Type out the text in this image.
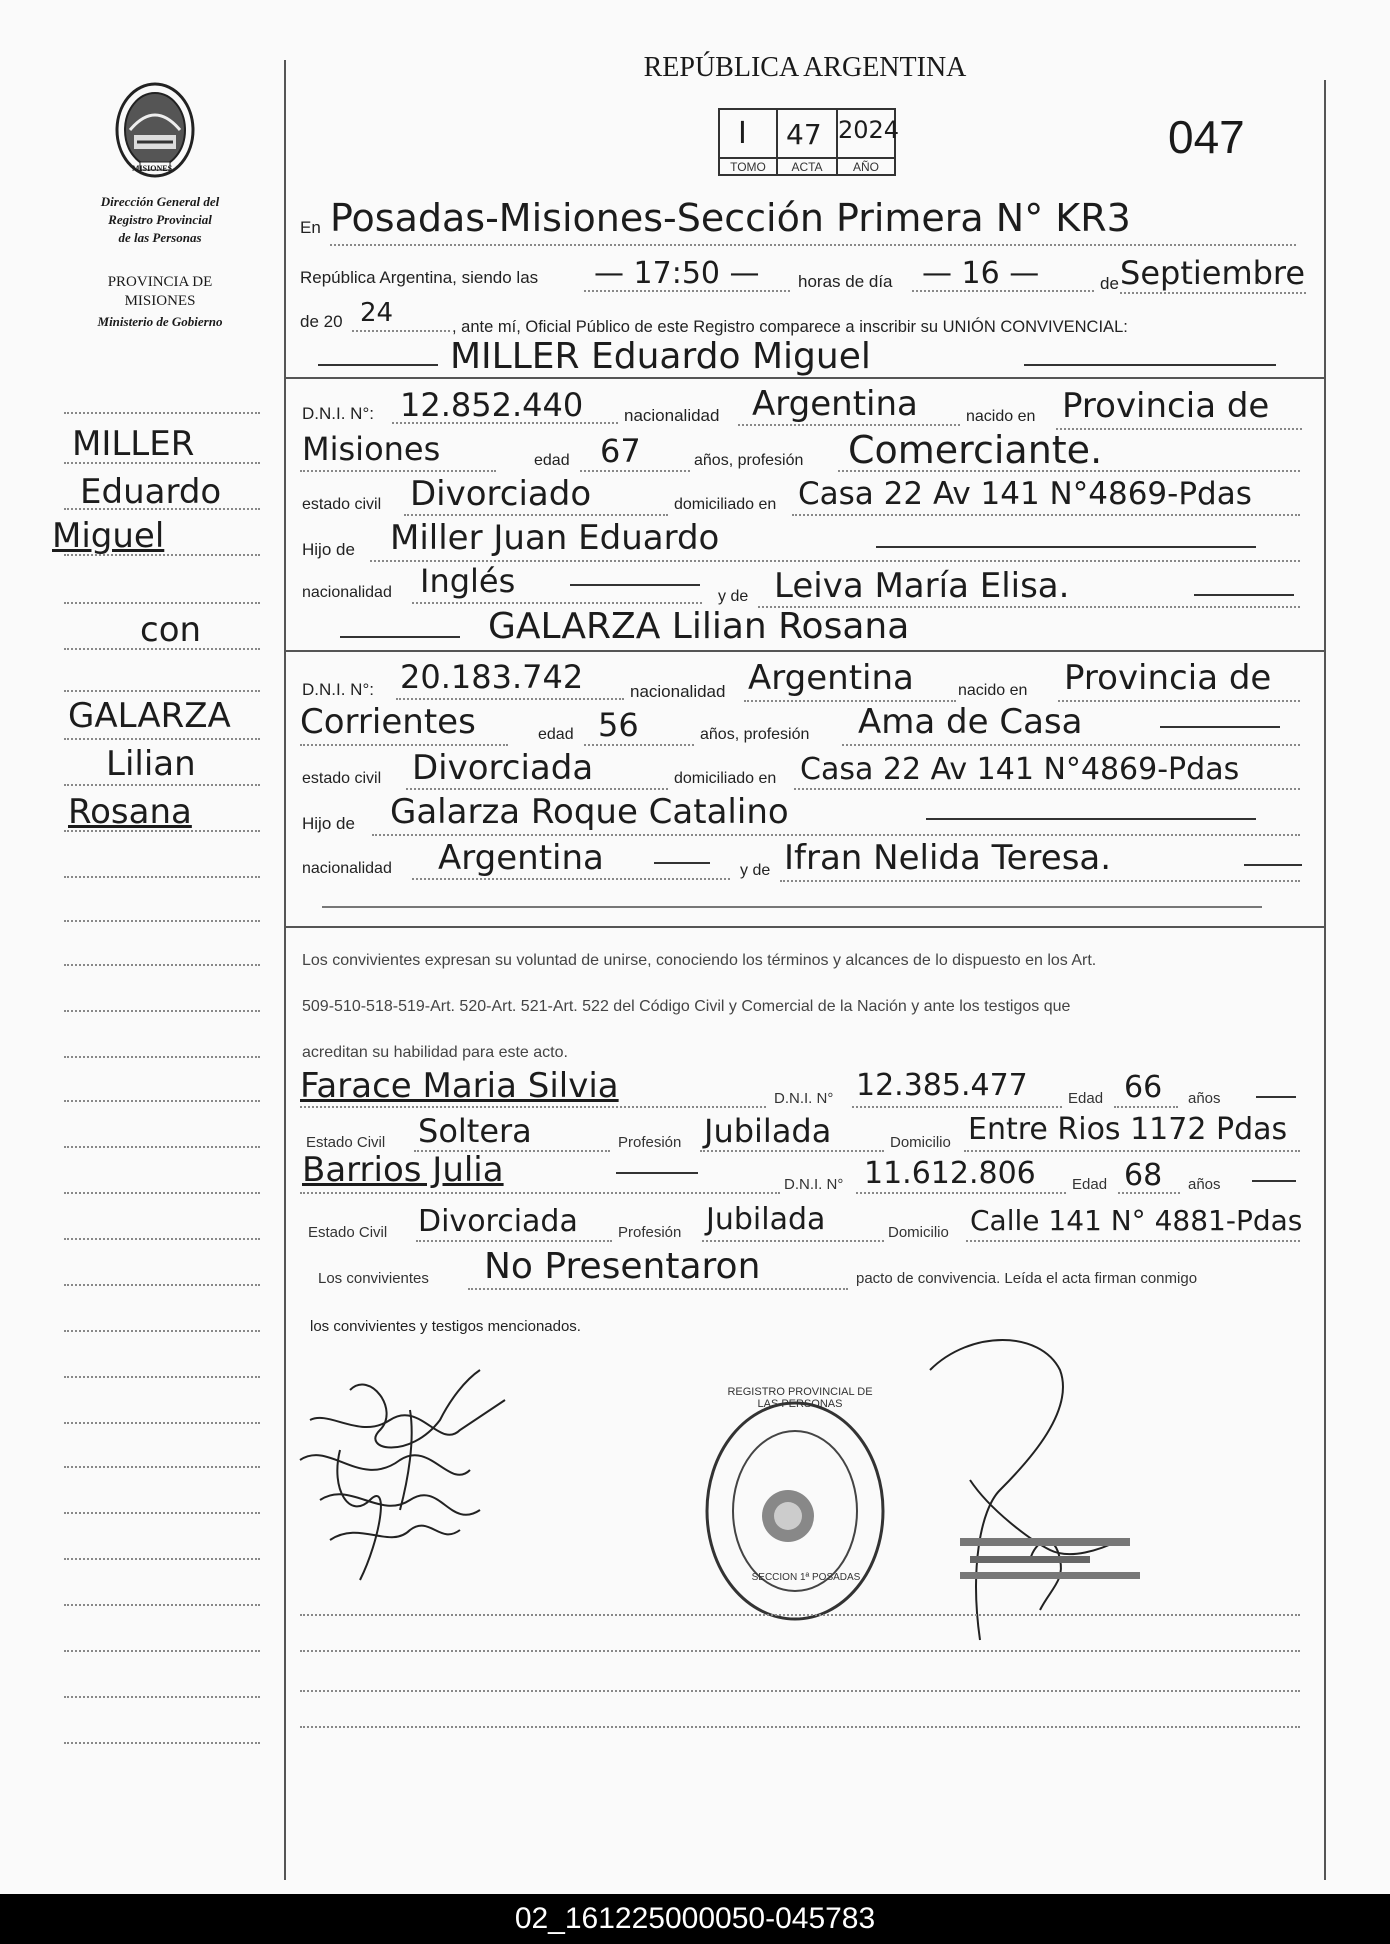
MISIONES
Dirección General del
Registro Provincial
de las Personas
PROVINCIA DE
MISIONES
Ministerio de Gobierno
REPÚBLICA ARGENTINA
047
I 47 2024
TOMO	ACTA	AÑO
En Posadas-Misiones-Sección Primera N° KR3
República Argentina, siendo las — 17:50 — horas de día — 16 —	de Septiembre
de 20 24	, ante mí, Oficial Público de este Registro comparece a inscribir su UNIÓN CONVIVENCIAL:
MILLER Eduardo Miguel
D.N.I. N°: 12.852.440 nacionalidad Argentina	nacido en Provincia de
Misiones	edad 67	años, profesión Comerciante.
estado civil Divorciado	domiciliado en Casa 22 Av 141 N°4869-Pdas
Hijo de Miller Juan Eduardo
nacionalidad Inglés	y de Leiva María Elisa.
GALARZA Lilian Rosana
D.N.I. N°: 20.183.742	nacionalidad Argentina	nacido en Provincia de
Corrientes	edad 56	años, profesión Ama de Casa
estado civil Divorciada	domiciliado en Casa 22 Av 141 N°4869-Pdas
Hijo de Galarza Roque Catalino
nacionalidad Argentina	y de Ifran Nelida Teresa.
Los convivientes expresan su voluntad de unirse, conociendo los términos y alcances de lo dispuesto en los Art.
509-510-518-519-Art. 520-Art. 521-Art. 522 del Código Civil y Comercial de la Nación y ante los testigos que
acreditan su habilidad para este acto.
Farace Maria Silvia	D.N.I. N° 12.385.477	Edad 66 años
Estado Civil Soltera	Profesión Jubilada	Domicilio Entre Rios 1172 Pdas
Barrios Julia	D.N.I. N° 11.612.806 Edad 68 años
Estado Civil Divorciada	Profesión Jubilada	Domicilio Calle 141 N° 4881-Pdas
Los convivientes No Presentaron	pacto de convivencia. Leída el acta firman conmigo
los convivientes y testigos mencionados.
REGISTRO PROVINCIAL DE LAS PERSONAS
SECCION 1ª POSADAS
MILLER
Eduardo
Miguel
con
GALARZA
Lilian
Rosana
02_161225000050-045783
